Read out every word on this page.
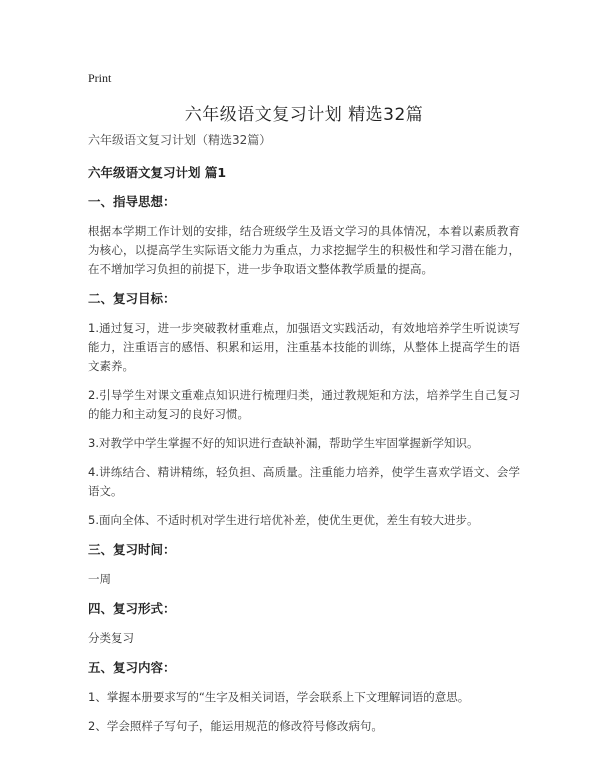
Print
六年级语文复习计划 精选32篇

六年级语文复习计划（精选32篇）

六年级语文复习计划 篇1

一、指导思想：

根据本学期工作计划的安排，结合班级学生及语文学习的具体情况，本着以素质教育为核心，以提高学生实际语文能力为重点，力求挖掘学生的积极性和学习潜在能力，在不增加学习负担的前提下，进一步争取语文整体教学质量的提高。

二、复习目标：

1.通过复习，进一步突破教材重难点，加强语文实践活动，有效地培养学生听说读写能力，注重语言的感悟、积累和运用，注重基本技能的训练，从整体上提高学生的语文素养。

2.引导学生对课文重难点知识进行梳理归类，通过教规矩和方法，培养学生自己复习的能力和主动复习的良好习惯。

3.对教学中学生掌握不好的知识进行查缺补漏，帮助学生牢固掌握新学知识。

4.讲练结合、精讲精练，轻负担、高质量。注重能力培养，使学生喜欢学语文、会学语文。

5.面向全体、不适时机对学生进行培优补差，使优生更优，差生有较大进步。

三、复习时间：

一周

四、复习形式：

分类复习

五、复习内容：

1、掌握本册要求写的“生字及相关词语，学会联系上下文理解词语的意思。

2、学会照样子写句子，能运用规范的修改符号修改病句。
